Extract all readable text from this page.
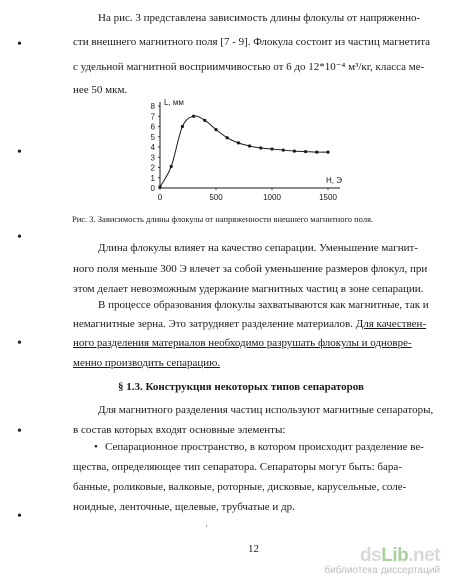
•
•
•
•
•
•
На рис. 3 представлена зависимость длины флокулы от напряженно-
сти внешнего магнитного поля [7 - 9]. Флокула состоит из частиц магнетита
с удельной магнитной восприимчивостью от 6 до 12*10⁻⁴ м³/кг, класса ме-
нее 50 мкм.
0
1
2
3
4
5
6
7
8
0	500	1000	1500
L, мм
Н, Э
Рис. 3. Зависимость длины флокулы от напряженности внешнего магнитного поля.
Длина флокулы влияет на качество сепарации. Уменьшение магнит-
ного поля меньше 300 Э влечет за собой уменьшение размеров флокул, при
этом делает невозможным удержание магнитных частиц в зоне сепарации.
В процессе образования флокулы захватываются как магнитные, так и
немагнитные зерна. Это затрудняет разделение материалов. Для качествен-
ного разделения материалов необходимо разрушать флокулы и одновре-
менно производить сепарацию.
§ 1.3. Конструкция некоторых типов сепараторов
Для магнитного разделения частиц используют магнитные сепараторы,
в состав которых входят основные элементы:
• Сепарационное пространство, в котором происходит разделение ве-
щества, определяющее тип сепаратора. Сепараторы могут быть: бара-
банные, роликовые, валковые, роторные, дисковые, карусельные, соле-
ноидные, ленточные, щелевые, трубчатые и др.
·
12	dsLib.net
библиотека диссертаций
